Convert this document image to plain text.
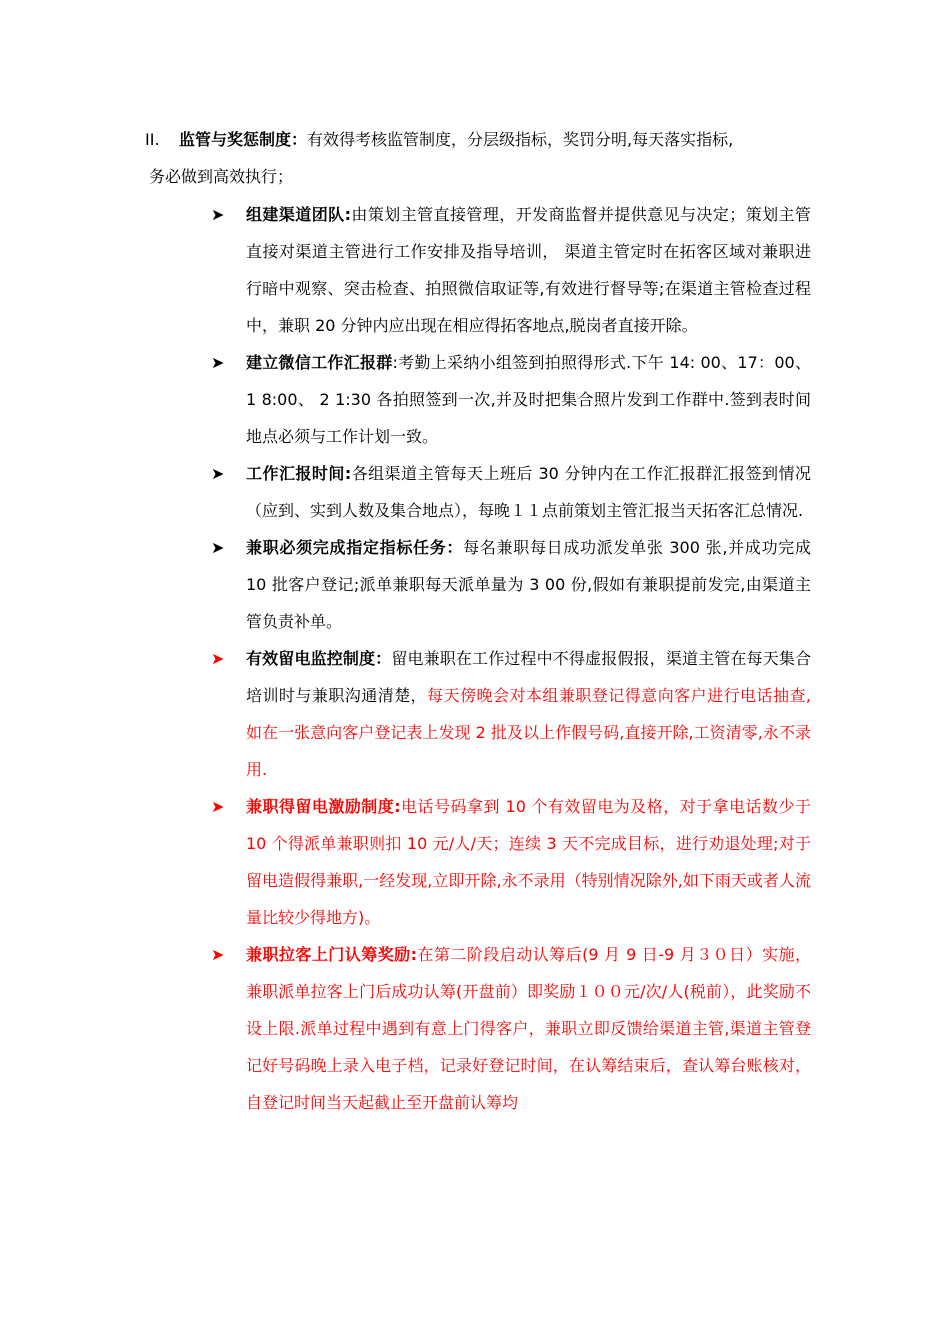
II. 监管与奖惩制度：有效得考核监管制度，分层级指标，奖罚分明,每天落实指标,
务必做到高效执行；
➤ 组建渠道团队:由策划主管直接管理，开发商监督并提供意见与决定；策划主管直接对渠道主管进行工作安排及指导培训， 渠道主管定时在拓客区域对兼职进行暗中观察、突击检查、拍照微信取证等,有效进行督导等;在渠道主管检查过程中，兼职 20 分钟内应出现在相应得拓客地点,脱岗者直接开除。

➤ 建立微信工作汇报群:考勤上采纳小组签到拍照得形式.下午 14: 00、17：00、1 8:00、 2 1:30 各拍照签到一次,并及时把集合照片发到工作群中.签到表时间地点必须与工作计划一致。

➤ 工作汇报时间:各组渠道主管每天上班后 30 分钟内在工作汇报群汇报签到情况（应到、实到人数及集合地点），每晚１１点前策划主管汇报当天拓客汇总情况.

➤ 兼职必须完成指定指标任务：每名兼职每日成功派发单张 300 张,并成功完成 10 批客户登记;派单兼职每天派单量为 3 00 份,假如有兼职提前发完,由渠道主管负责补单。

➤ 有效留电监控制度：留电兼职在工作过程中不得虚报假报，渠道主管在每天集合培训时与兼职沟通清楚，每天傍晚会对本组兼职登记得意向客户进行电话抽查,如在一张意向客户登记表上发现 2 批及以上作假号码,直接开除,工资清零,永不录用.

➤ 兼职得留电激励制度:电话号码拿到 10 个有效留电为及格，对于拿电话数少于 10 个得派单兼职则扣 10 元/人/天；连续 3 天不完成目标，进行劝退处理;对于留电造假得兼职,一经发现,立即开除,永不录用（特别情况除外,如下雨天或者人流量比较少得地方)。

➤ 兼职拉客上门认筹奖励:在第二阶段启动认筹后(9 月 9 日-9 月３０日）实施，兼职派单拉客上门后成功认筹(开盘前）即奖励１００元/次/人(税前），此奖励不设上限.派单过程中遇到有意上门得客户，兼职立即反馈给渠道主管,渠道主管登记好号码晚上录入电子档，记录好登记时间，在认筹结束后，查认筹台账核对，自登记时间当天起截止至开盘前认筹均
